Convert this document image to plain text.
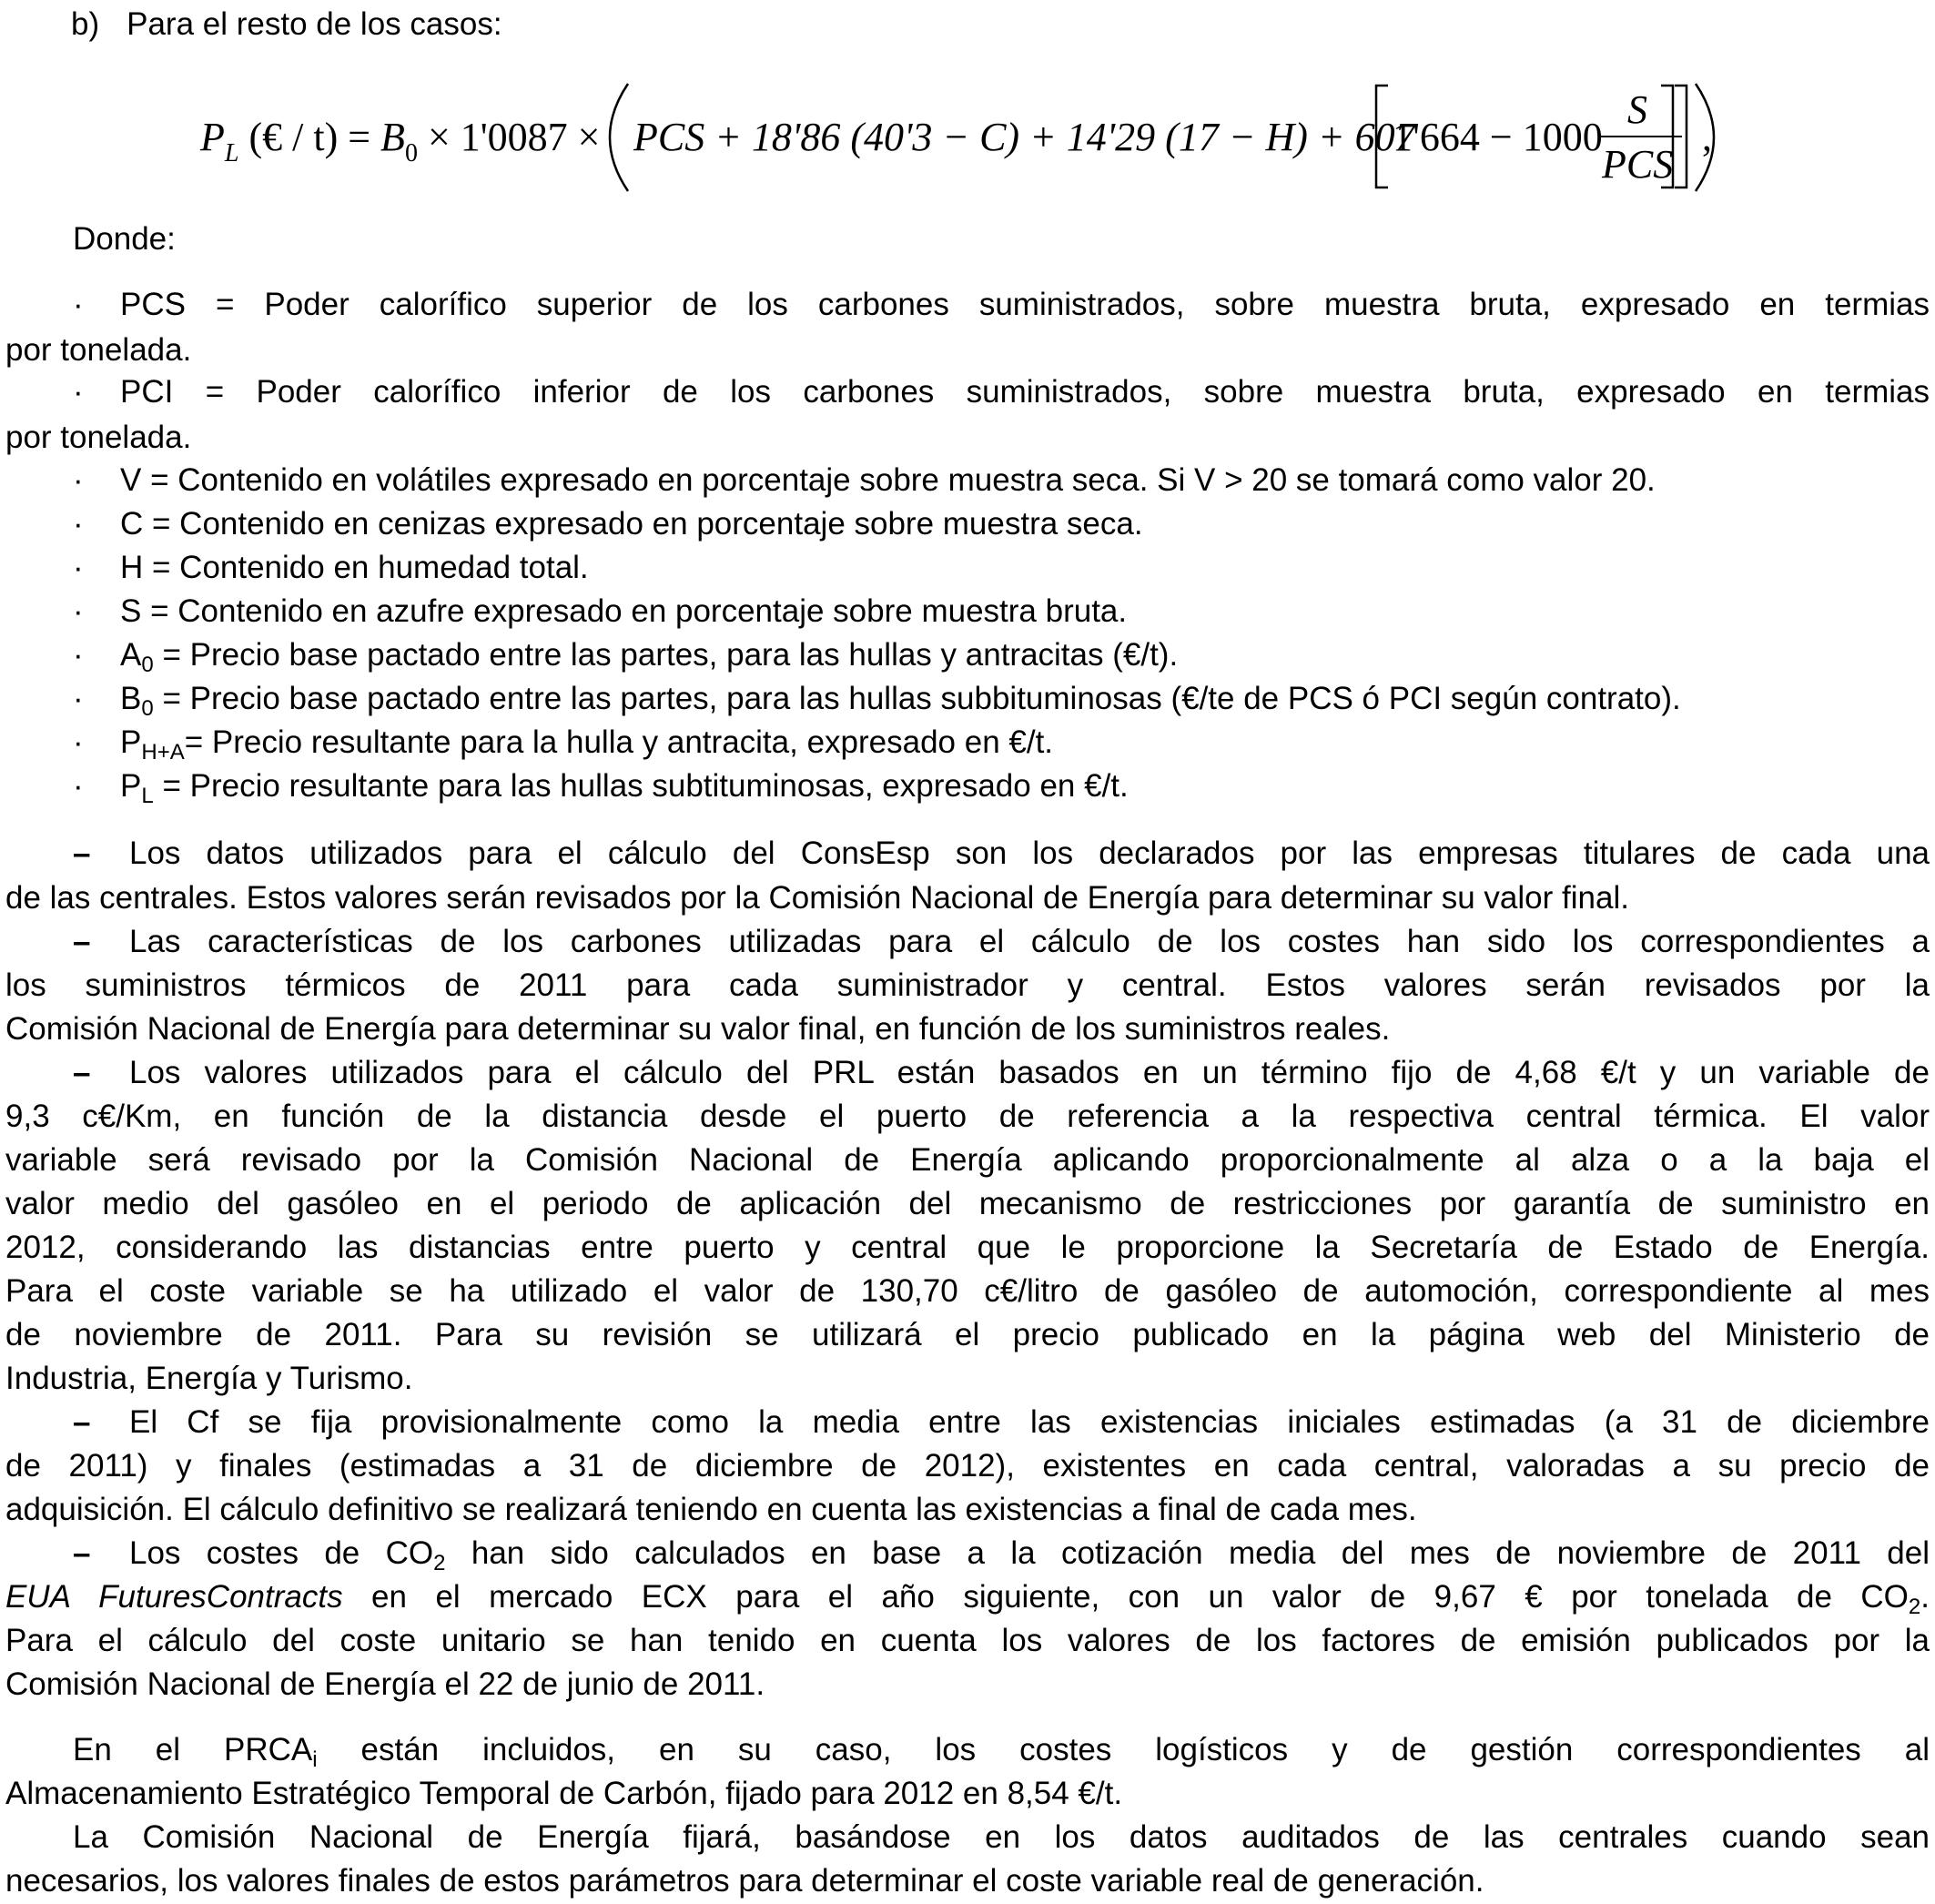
b) Para el resto de los casos:
$P_L$ (€ / $t) = B_0 \times 1'0087$ × PCS + 18'86 (40'3 − C) + 14'29 (17 − H) + 607
1'664 − 1000
S
PCS
,
Donde:
· PCS = Poder calorífico superior de los carbones suministrados, sobre muestra bruta, expresado en termias
por tonelada.
· PCI = Poder calorífico inferior de los carbones suministrados, sobre muestra bruta, expresado en termias
por tonelada.
· V = Contenido en volátiles expresado en porcentaje sobre muestra seca. Si V > 20 se tomará como valor 20.
· C = Contenido en cenizas expresado en porcentaje sobre muestra seca.
· H = Contenido en humedad total.
· S = Contenido en azufre expresado en porcentaje sobre muestra bruta.
· $A_0$ = Precio base pactado entre las partes, para las hullas y antracitas (€/t).
· $B_0$ = Precio base pactado entre las partes, para las hullas subbituminosas (€/te de PCS ó PCI según contrato).
· $P_{H+A}=$ Precio resultante para la hulla y antracita, expresado en €/t.
· $P_L$ = Precio resultante para las hullas subtituminosas, expresado en €/t.
– Los datos utilizados para el cálculo del ConsEsp son los declarados por las empresas titulares de cada una
de las centrales. Estos valores serán revisados por la Comisión Nacional de Energía para determinar su valor final.
– Las características de los carbones utilizadas para el cálculo de los costes han sido los correspondientes a
los suministros térmicos de 2011 para cada suministrador y central. Estos valores serán revisados por la
Comisión Nacional de Energía para determinar su valor final, en función de los suministros reales.
– Los valores utilizados para el cálculo del PRL están basados en un término fijo de 4,68 €/t y un variable de
9,3 c€/Km, en función de la distancia desde el puerto de referencia a la respectiva central térmica. El valor
variable será revisado por la Comisión Nacional de Energía aplicando proporcionalmente al alza o a la baja el
valor medio del gasóleo en el periodo de aplicación del mecanismo de restricciones por garantía de suministro en
2012, considerando las distancias entre puerto y central que le proporcione la Secretaría de Estado de Energía.
Para el coste variable se ha utilizado el valor de 130,70 c€/litro de gasóleo de automoción, correspondiente al mes
de noviembre de 2011. Para su revisión se utilizará el precio publicado en la página web del Ministerio de
Industria, Energía y Turismo.
– El Cf se fija provisionalmente como la media entre las existencias iniciales estimadas (a 31 de diciembre
de 2011) y finales (estimadas a 31 de diciembre de 2012), existentes en cada central, valoradas a su precio de
adquisición. El cálculo definitivo se realizará teniendo en cuenta las existencias a final de cada mes.
– Los costes de $CO_2$ han sido calculados en base a la cotización media del mes de noviembre de 2011 del
EUA FuturesContracts en el mercado ECX para el año siguiente, con un valor de 9,67 € por tonelada de $CO_2$.
Para el cálculo del coste unitario se han tenido en cuenta los valores de los factores de emisión publicados por la
Comisión Nacional de Energía el 22 de junio de 2011.
En el $PRCA_i$ están incluidos, en su caso, los costes logísticos y de gestión correspondientes al
Almacenamiento Estratégico Temporal de Carbón, fijado para 2012 en 8,54 €/t.
La Comisión Nacional de Energía fijará, basándose en los datos auditados de las centrales cuando sean
necesarios, los valores finales de estos parámetros para determinar el coste variable real de generación.
